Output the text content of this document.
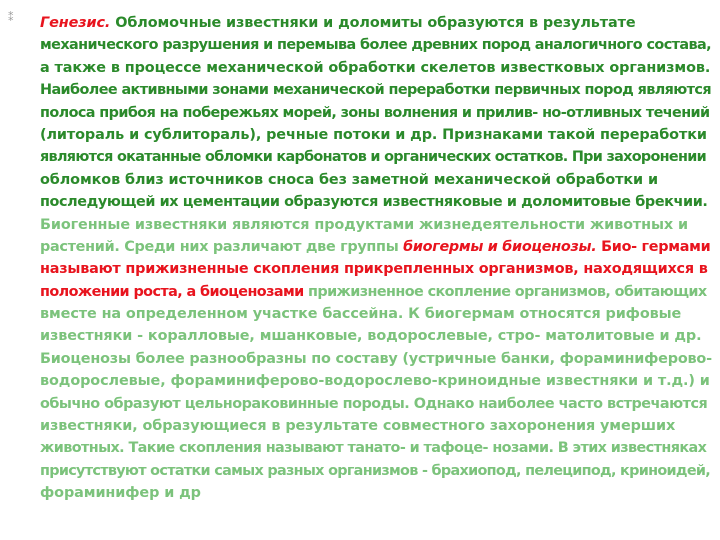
⁑ Генезис. Обломочные известняки и доломиты образуются в результате
механического разрушения и перемыва более древних пород аналогичного состава,
а также в процессе механической обработки скелетов известковых организмов.
Наиболее активными зонами механической переработки первичных пород являются
полоса прибоя на побережьях морей, зоны волнения и прилив- но-отливных течений
(литораль и сублитораль), речные потоки и др. Признаками такой переработки
являются окатанные обломки карбонатов и органических остатков. При захоронении
обломков близ источников сноса без заметной механической обработки и
последующей их цементации образуются известняковые и доломитовые брекчии.
Биогенные известняки являются продуктами жизнедеятельности животных и
растений. Среди них различают две группы биогермы и биоценозы. Био- гермами
называют прижизненные скопления прикрепленных организмов, находящихся в
положении роста, а биоценозами прижизненное скопление организмов, обитающих
вместе на определенном участке бассейна. К биогермам относятся рифовые
известняки - коралловые, мшанковые, водорослевые, стро- матолитовые и др.
Биоценозы более разнообразны по составу (устричные банки, фораминиферово-
водорослевые, фораминиферово-водорослево-криноидные известняки и т.д.) и
обычно образуют цельнораковинные породы. Однако наиболее часто встречаются
известняки, образующиеся в результате совместного захоронения умерших
животных. Такие скопления называют танато- и тафоце- нозами. В этих известняках
присутствуют остатки самых разных организмов - брахиопод, пелеципод, криноидей,
фораминифер и др
